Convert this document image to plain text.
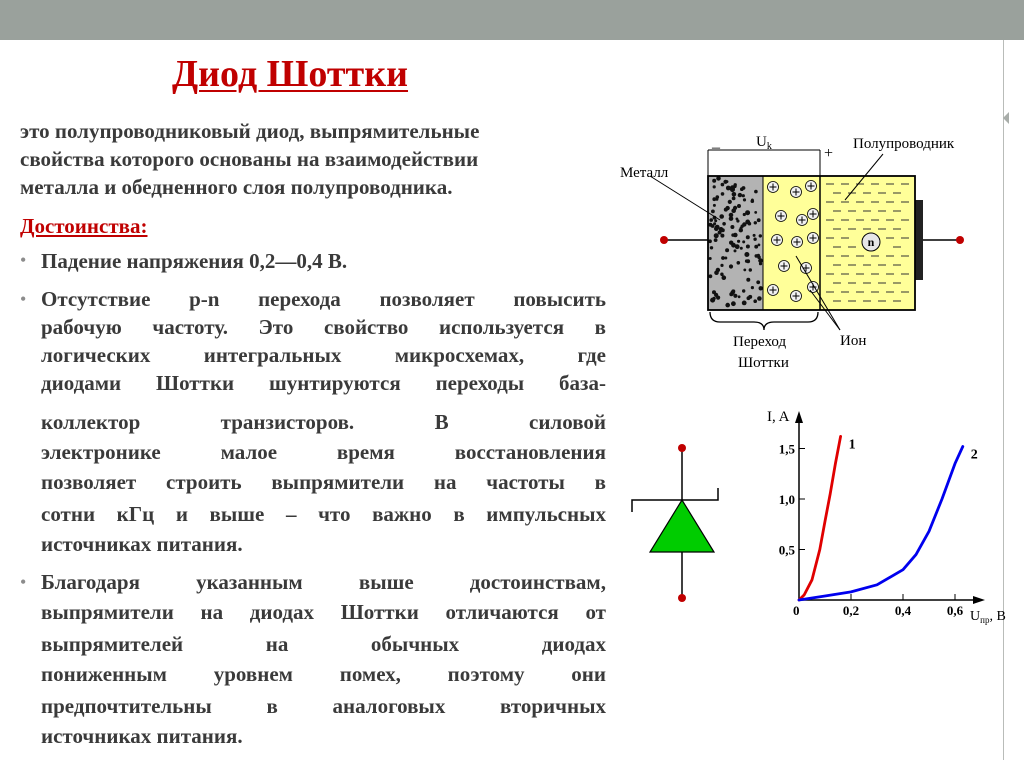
Диод Шоттки

это полупроводниковый диод, выпрямительные
свойства которого основаны на взаимодействии
металла и обедненного слоя полупроводника.

Достоинства:
• Падение напряжения 0,2—0,4 В.
• Отсутствие p-n перехода позволяет повысить
рабочую частоту. Это свойство используется в
логических интегральных микросхемах, где
диодами Шоттки шунтируются переходы база-
коллектор транзисторов. В силовой
электронике малое время восстановления
позволяет строить выпрямители на частоты в
сотни кГц и выше – что важно в импульсных
источниках питания.
• Благодаря указанным выше достоинствам,
выпрямители на диодах Шоттки отличаются от
выпрямителей на обычных диодах
пониженным уровнем помех, поэтому они
предпочтительны в аналоговых вторичных
источниках питания.
n
–	+
$U_k$
Металл
Полупроводник
Переход
Шоттки
Ион
I, A
$U_{пр}$, B
0	0,2	0,4	0,6
0,5
1,0
1,5	1
2
